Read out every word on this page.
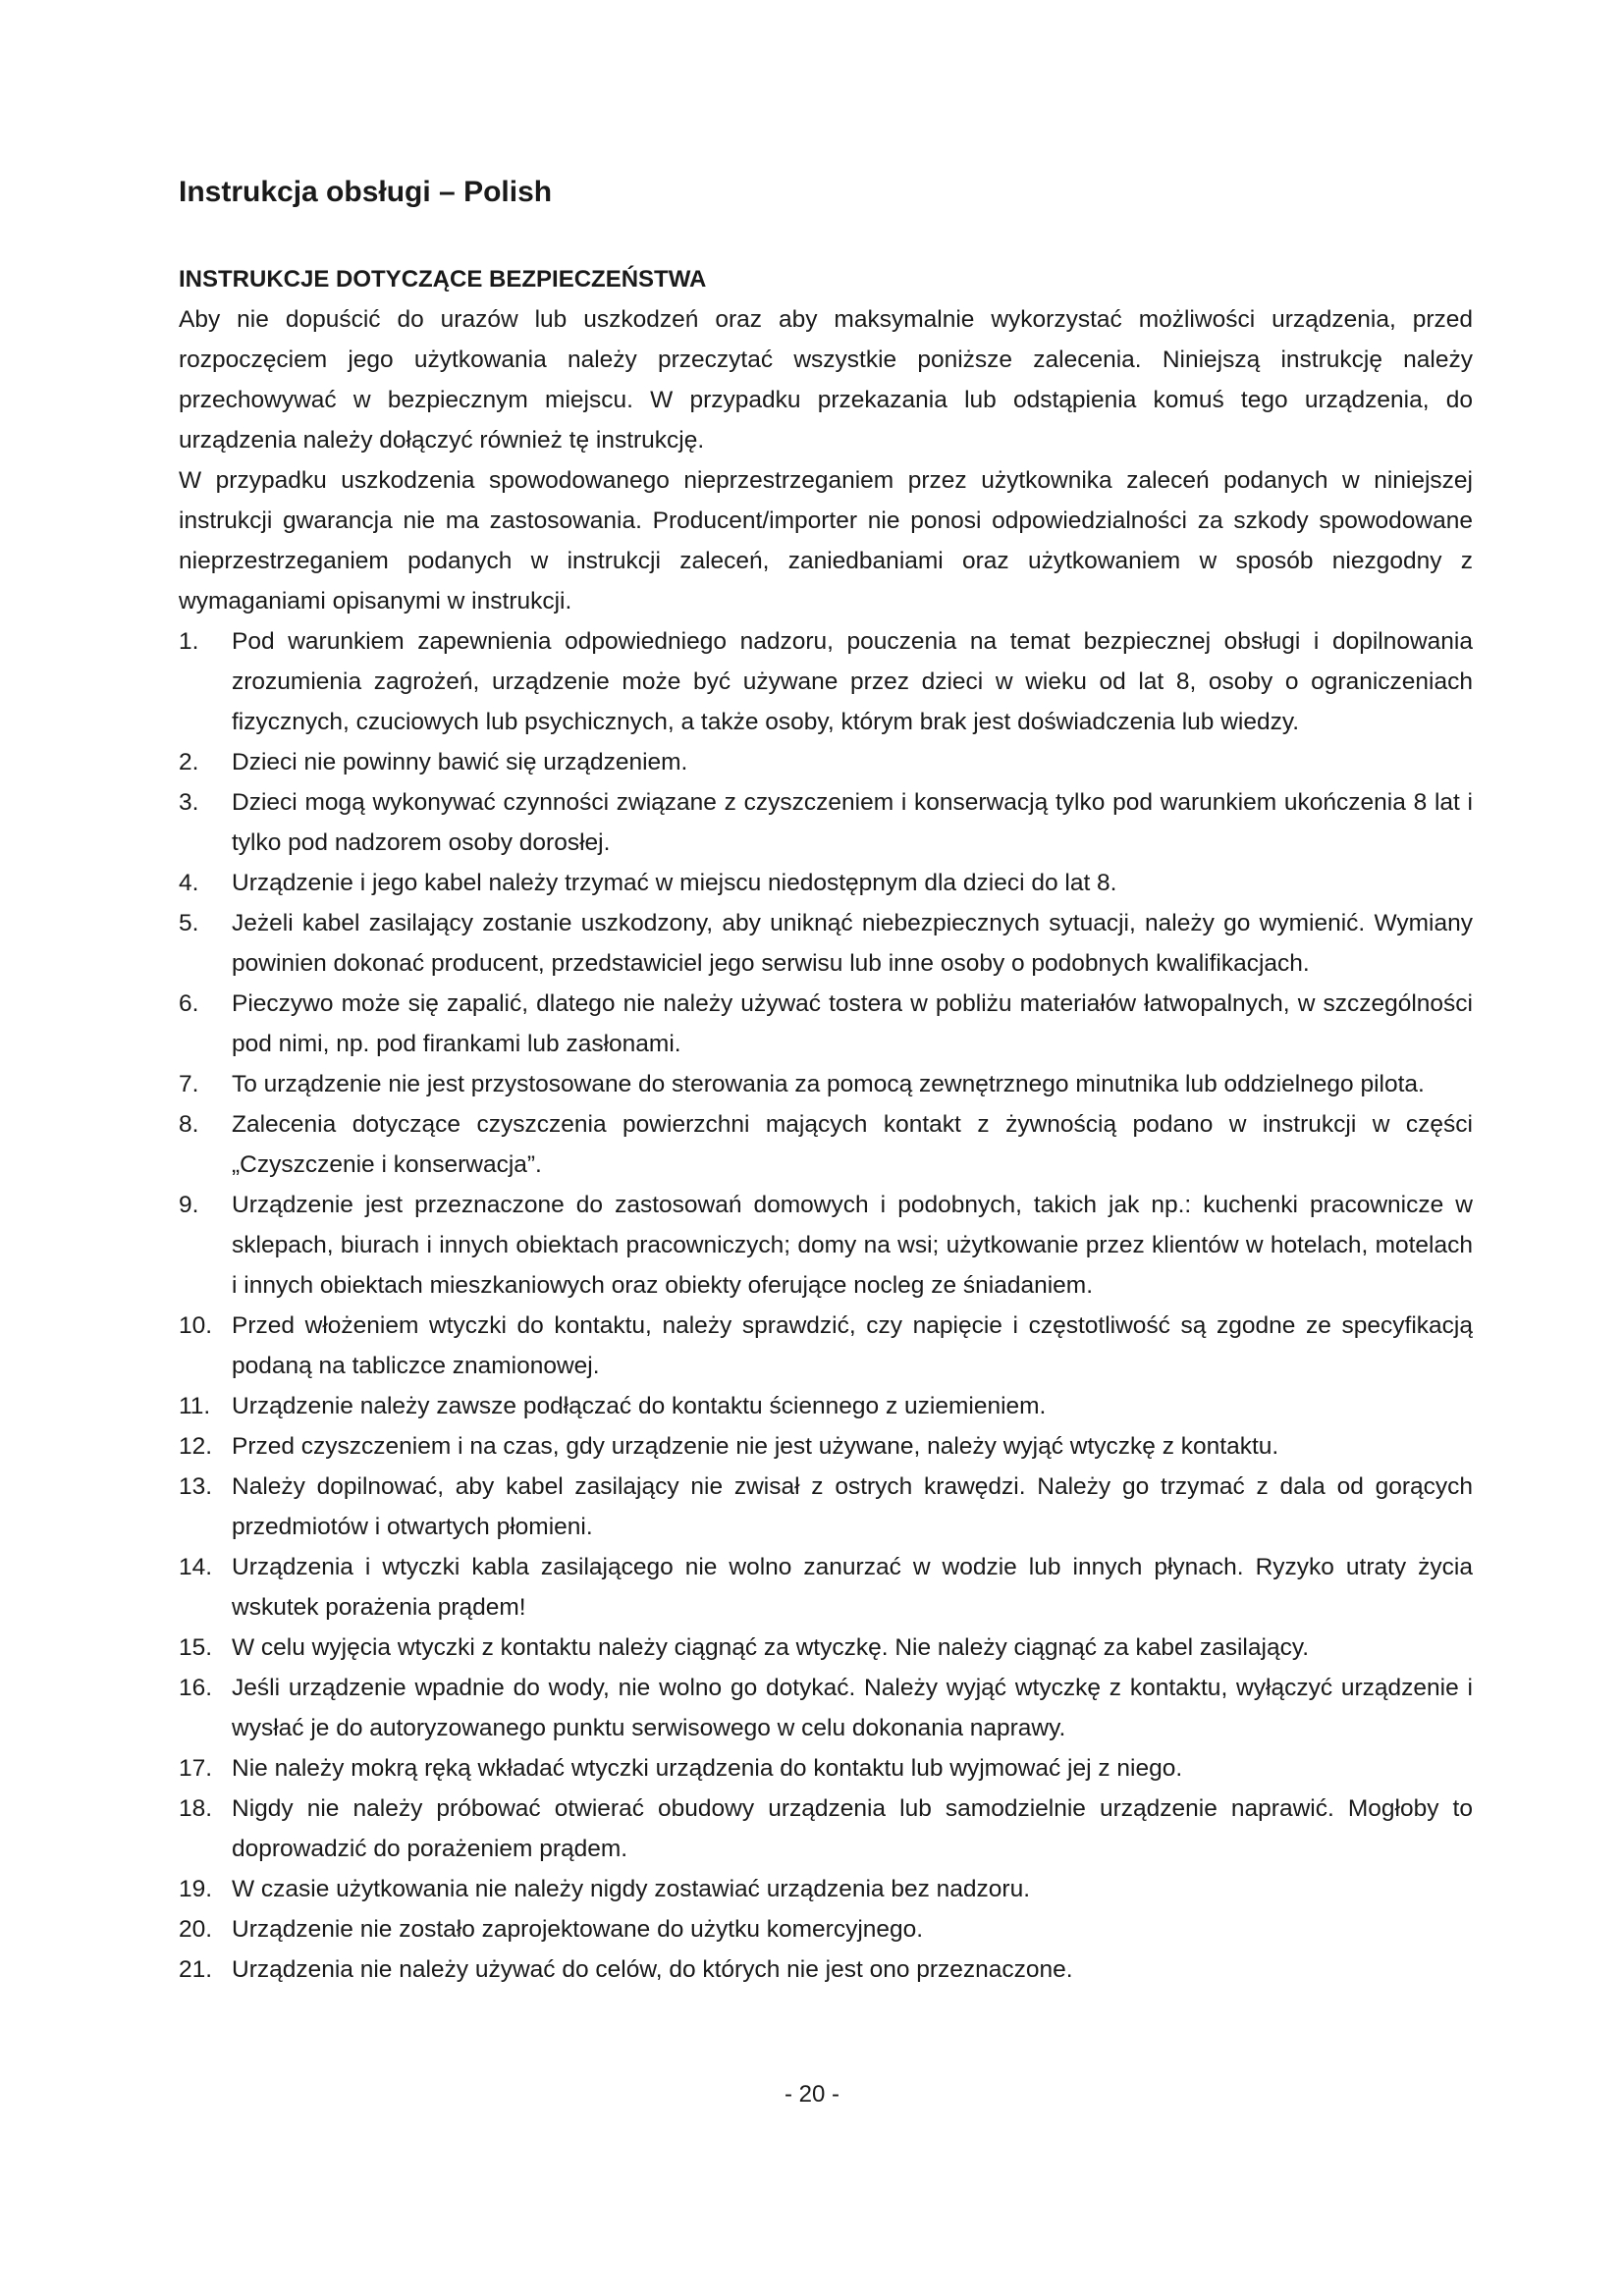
Instrukcja obsługi – Polish
INSTRUKCJE DOTYCZĄCE BEZPIECZEŃSTWA

Aby nie dopuścić do urazów lub uszkodzeń oraz aby maksymalnie wykorzystać możliwości urządzenia, przed rozpoczęciem jego użytkowania należy przeczytać wszystkie poniższe zalecenia. Niniejszą instrukcję należy przechowywać w bezpiecznym miejscu. W przypadku przekazania lub odstąpienia komuś tego urządzenia, do urządzenia należy dołączyć również tę instrukcję.

W przypadku uszkodzenia spowodowanego nieprzestrzeganiem przez użytkownika zaleceń podanych w niniejszej instrukcji gwarancja nie ma zastosowania. Producent/importer nie ponosi odpowiedzialności za szkody spowodowane nieprzestrzeganiem podanych w instrukcji zaleceń, zaniedbaniami oraz użytkowaniem w sposób niezgodny z wymaganiami opisanymi w instrukcji.

1.	Pod warunkiem zapewnienia odpowiedniego nadzoru, pouczenia na temat bezpiecznej obsługi i dopilnowania zrozumienia zagrożeń, urządzenie może być używane przez dzieci w wieku od lat 8, osoby o ograniczeniach fizycznych, czuciowych lub psychicznych, a także osoby, którym brak jest doświadczenia lub wiedzy.
2.	Dzieci nie powinny bawić się urządzeniem.
3.	Dzieci mogą wykonywać czynności związane z czyszczeniem i konserwacją tylko pod warunkiem ukończenia 8 lat i tylko pod nadzorem osoby dorosłej.
4.	Urządzenie i jego kabel należy trzymać w miejscu niedostępnym dla dzieci do lat 8.
5.	Jeżeli kabel zasilający zostanie uszkodzony, aby uniknąć niebezpiecznych sytuacji, należy go wymienić. Wymiany powinien dokonać producent, przedstawiciel jego serwisu lub inne osoby o podobnych kwalifikacjach.
6.	Pieczywo może się zapalić, dlatego nie należy używać tostera w pobliżu materiałów łatwopalnych, w szczególności pod nimi, np. pod firankami lub zasłonami.
7.	To urządzenie nie jest przystosowane do sterowania za pomocą zewnętrznego minutnika lub oddzielnego pilota.
8.	Zalecenia dotyczące czyszczenia powierzchni mających kontakt z żywnością podano w instrukcji w części „Czyszczenie i konserwacja”.
9.	Urządzenie jest przeznaczone do zastosowań domowych i podobnych, takich jak np.: kuchenki pracownicze w sklepach, biurach i innych obiektach pracowniczych; domy na wsi; użytkowanie przez klientów w hotelach, motelach i innych obiektach mieszkaniowych oraz obiekty oferujące nocleg ze śniadaniem.
10. Przed włożeniem wtyczki do kontaktu, należy sprawdzić, czy napięcie i częstotliwość są zgodne ze specyfikacją podaną na tabliczce znamionowej.
11. Urządzenie należy zawsze podłączać do kontaktu ściennego z uziemieniem.
12. Przed czyszczeniem i na czas, gdy urządzenie nie jest używane, należy wyjąć wtyczkę z kontaktu.
13. Należy dopilnować, aby kabel zasilający nie zwisał z ostrych krawędzi. Należy go trzymać z dala od gorących przedmiotów i otwartych płomieni.
14. Urządzenia i wtyczki kabla zasilającego nie wolno zanurzać w wodzie lub innych płynach. Ryzyko utraty życia wskutek porażenia prądem!
15. W celu wyjęcia wtyczki z kontaktu należy ciągnąć za wtyczkę. Nie należy ciągnąć za kabel zasilający.
16. Jeśli urządzenie wpadnie do wody, nie wolno go dotykać. Należy wyjąć wtyczkę z kontaktu, wyłączyć urządzenie i wysłać je do autoryzowanego punktu serwisowego w celu dokonania naprawy.
17. Nie należy mokrą ręką wkładać wtyczki urządzenia do kontaktu lub wyjmować jej z niego.
18. Nigdy nie należy próbować otwierać obudowy urządzenia lub samodzielnie urządzenie naprawić. Mogłoby to doprowadzić do porażeniem prądem.
19. W czasie użytkowania nie należy nigdy zostawiać urządzenia bez nadzoru.
20. Urządzenie nie zostało zaprojektowane do użytku komercyjnego.
21. Urządzenia nie należy używać do celów, do których nie jest ono przeznaczone.
- 20 -
